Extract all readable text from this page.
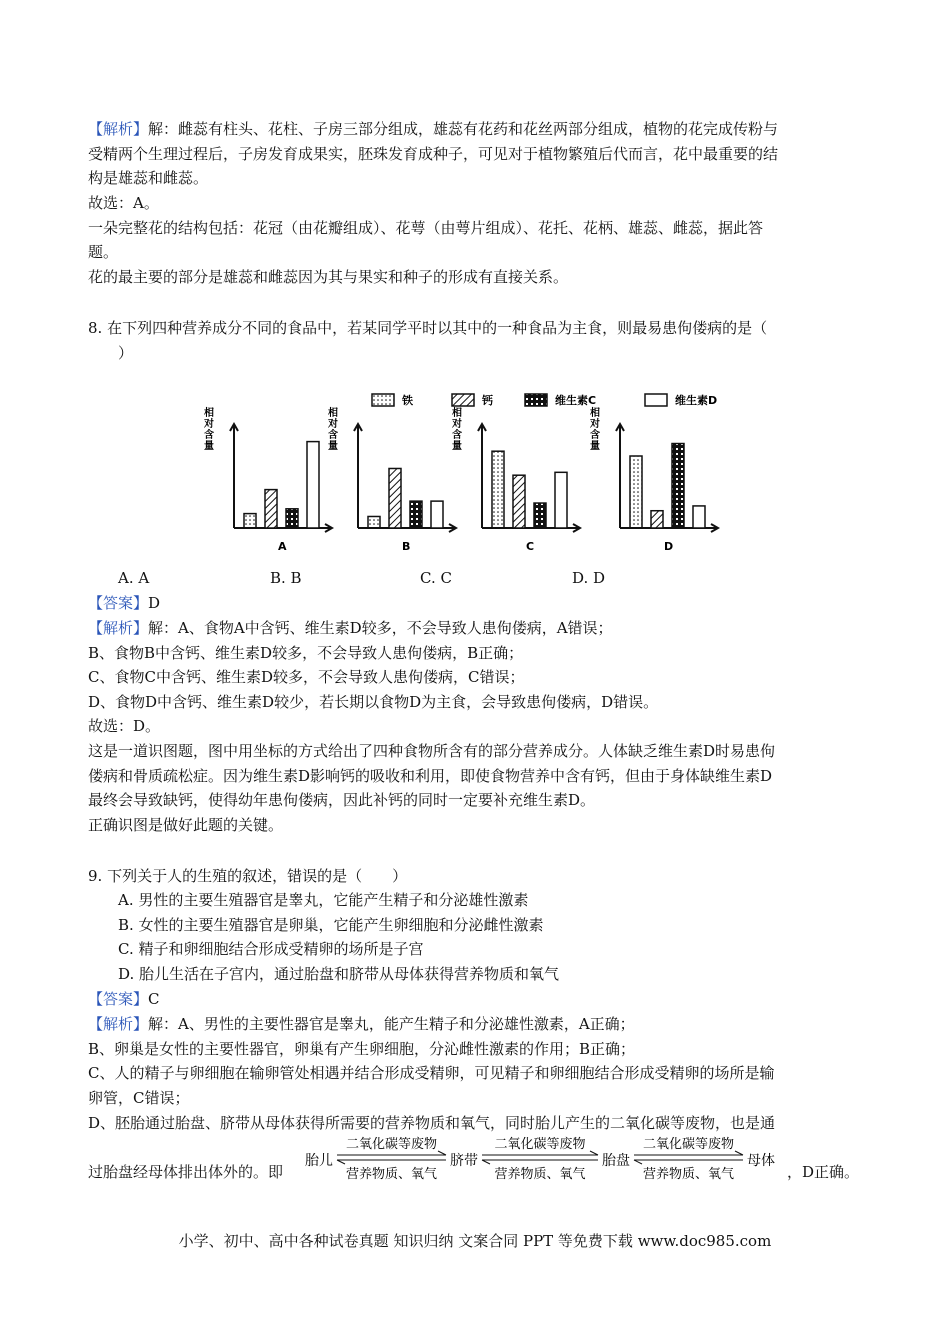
【解析】解：雌蕊有柱头、花柱、子房三部分组成，雄蕊有花药和花丝两部分组成，植物的花完成传粉与
受精两个生理过程后，子房发育成果实，胚珠发育成种子，可见对于植物繁殖后代而言，花中最重要的结
构是雄蕊和雌蕊。
故选：A。
一朵完整花的结构包括：花冠（由花瓣组成）、花萼（由萼片组成）、花托、花柄、雄蕊、雌蕊，据此答
题。
花的最主要的部分是雄蕊和雌蕊因为其与果实和种子的形成有直接关系。
8. 在下列四种营养成分不同的食品中，若某同学平时以其中的一种食品为主食，则最易患佝偻病的是（
）
铁	钙	维生素C	维生素D
相
对
含
量
A
相
对
含
量
B
相
对
含
量
C
相
对
含
量
D
A. A	B. B	C. C	D. D
【答案】D
【解析】解：A、食物A中含钙、维生素D较多，不会导致人患佝偻病，A错误；
B、食物B中含钙、维生素D较多，不会导致人患佝偻病，B正确；
C、食物C中含钙、维生素D较多，不会导致人患佝偻病，C错误；
D、食物D中含钙、维生素D较少，若长期以食物D为主食，会导致患佝偻病，D错误。
故选：D。
这是一道识图题，图中用坐标的方式给出了四种食物所含有的部分营养成分。人体缺乏维生素D时易患佝
偻病和骨质疏松症。因为维生素D影响钙的吸收和利用，即使食物营养中含有钙，但由于身体缺维生素D
最终会导致缺钙，使得幼年患佝偻病，因此补钙的同时一定要补充维生素D。
正确识图是做好此题的关键。
9. 下列关于人的生殖的叙述，错误的是（　　）
A. 男性的主要生殖器官是睾丸，它能产生精子和分泌雄性激素
B. 女性的主要生殖器官是卵巢，它能产生卵细胞和分泌雌性激素
C. 精子和卵细胞结合形成受精卵的场所是子宫
D. 胎儿生活在子宫内，通过胎盘和脐带从母体获得营养物质和氧气
【答案】C
【解析】解：A、男性的主要性器官是睾丸，能产生精子和分泌雄性激素，A正确；
B、卵巢是女性的主要性器官，卵巢有产生卵细胞，分沁雌性激素的作用；B正确；
C、人的精子与卵细胞在输卵管处相遇并结合形成受精卵，可见精子和卵细胞结合形成受精卵的场所是输
卵管，C错误；
D、胚胎通过胎盘、脐带从母体获得所需要的营养物质和氧气，同时胎儿产生的二氧化碳等废物，也是通
过胎盘经母体排出体外的。即
胎儿	脐带	胎盘	母体
二氧化碳等废物
营养物质、氧气
二氧化碳等废物
营养物质、氧气
二氧化碳等废物
营养物质、氧气	，D正确。
小学、初中、高中各种试卷真题 知识归纳 文案合同 PPT 等免费下载 www.doc985.com
